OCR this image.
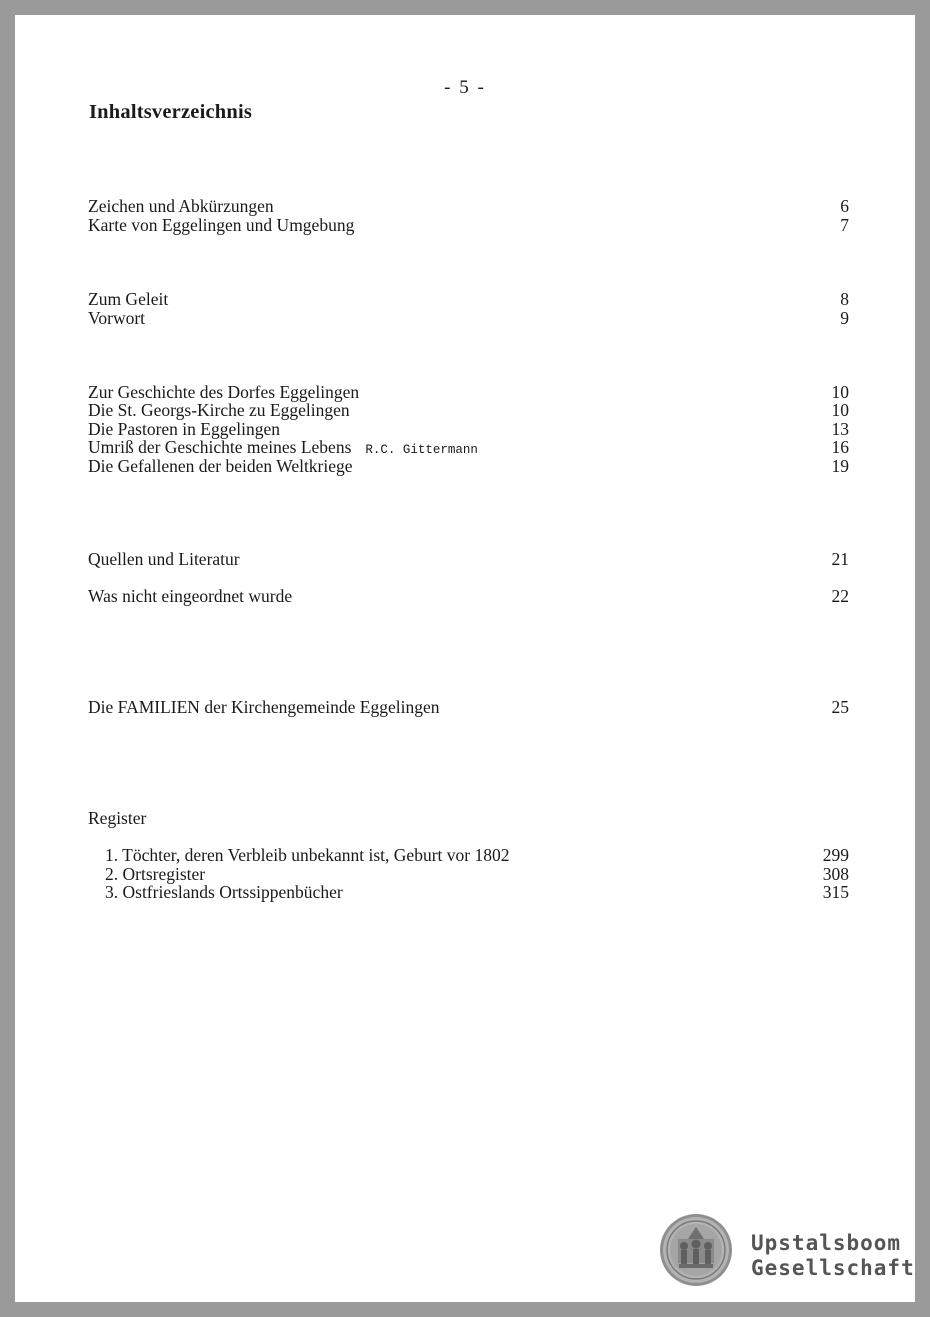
- 5 -
Inhaltsverzeichnis
Zeichen und Abkürzungen	6
Karte von Eggelingen und Umgebung	7
Zum Geleit	8
Vorwort	9
Zur Geschichte des Dorfes Eggelingen	10
Die St. Georgs-Kirche zu Eggelingen	10
Die Pastoren in Eggelingen	13
Umriß der Geschichte meines Lebens R.C. Gittermann	16
Die Gefallenen der beiden Weltkriege	19
Quellen und Literatur	21
Was nicht eingeordnet wurde	22
Die FAMILIEN der Kirchengemeinde Eggelingen	25
Register
1. Töchter, deren Verbleib unbekannt ist, Geburt vor 1802	299
2. Ortsregister	308
3. Ostfrieslands Ortssippenbücher	315
Upstalsboom
Gesellschaft
